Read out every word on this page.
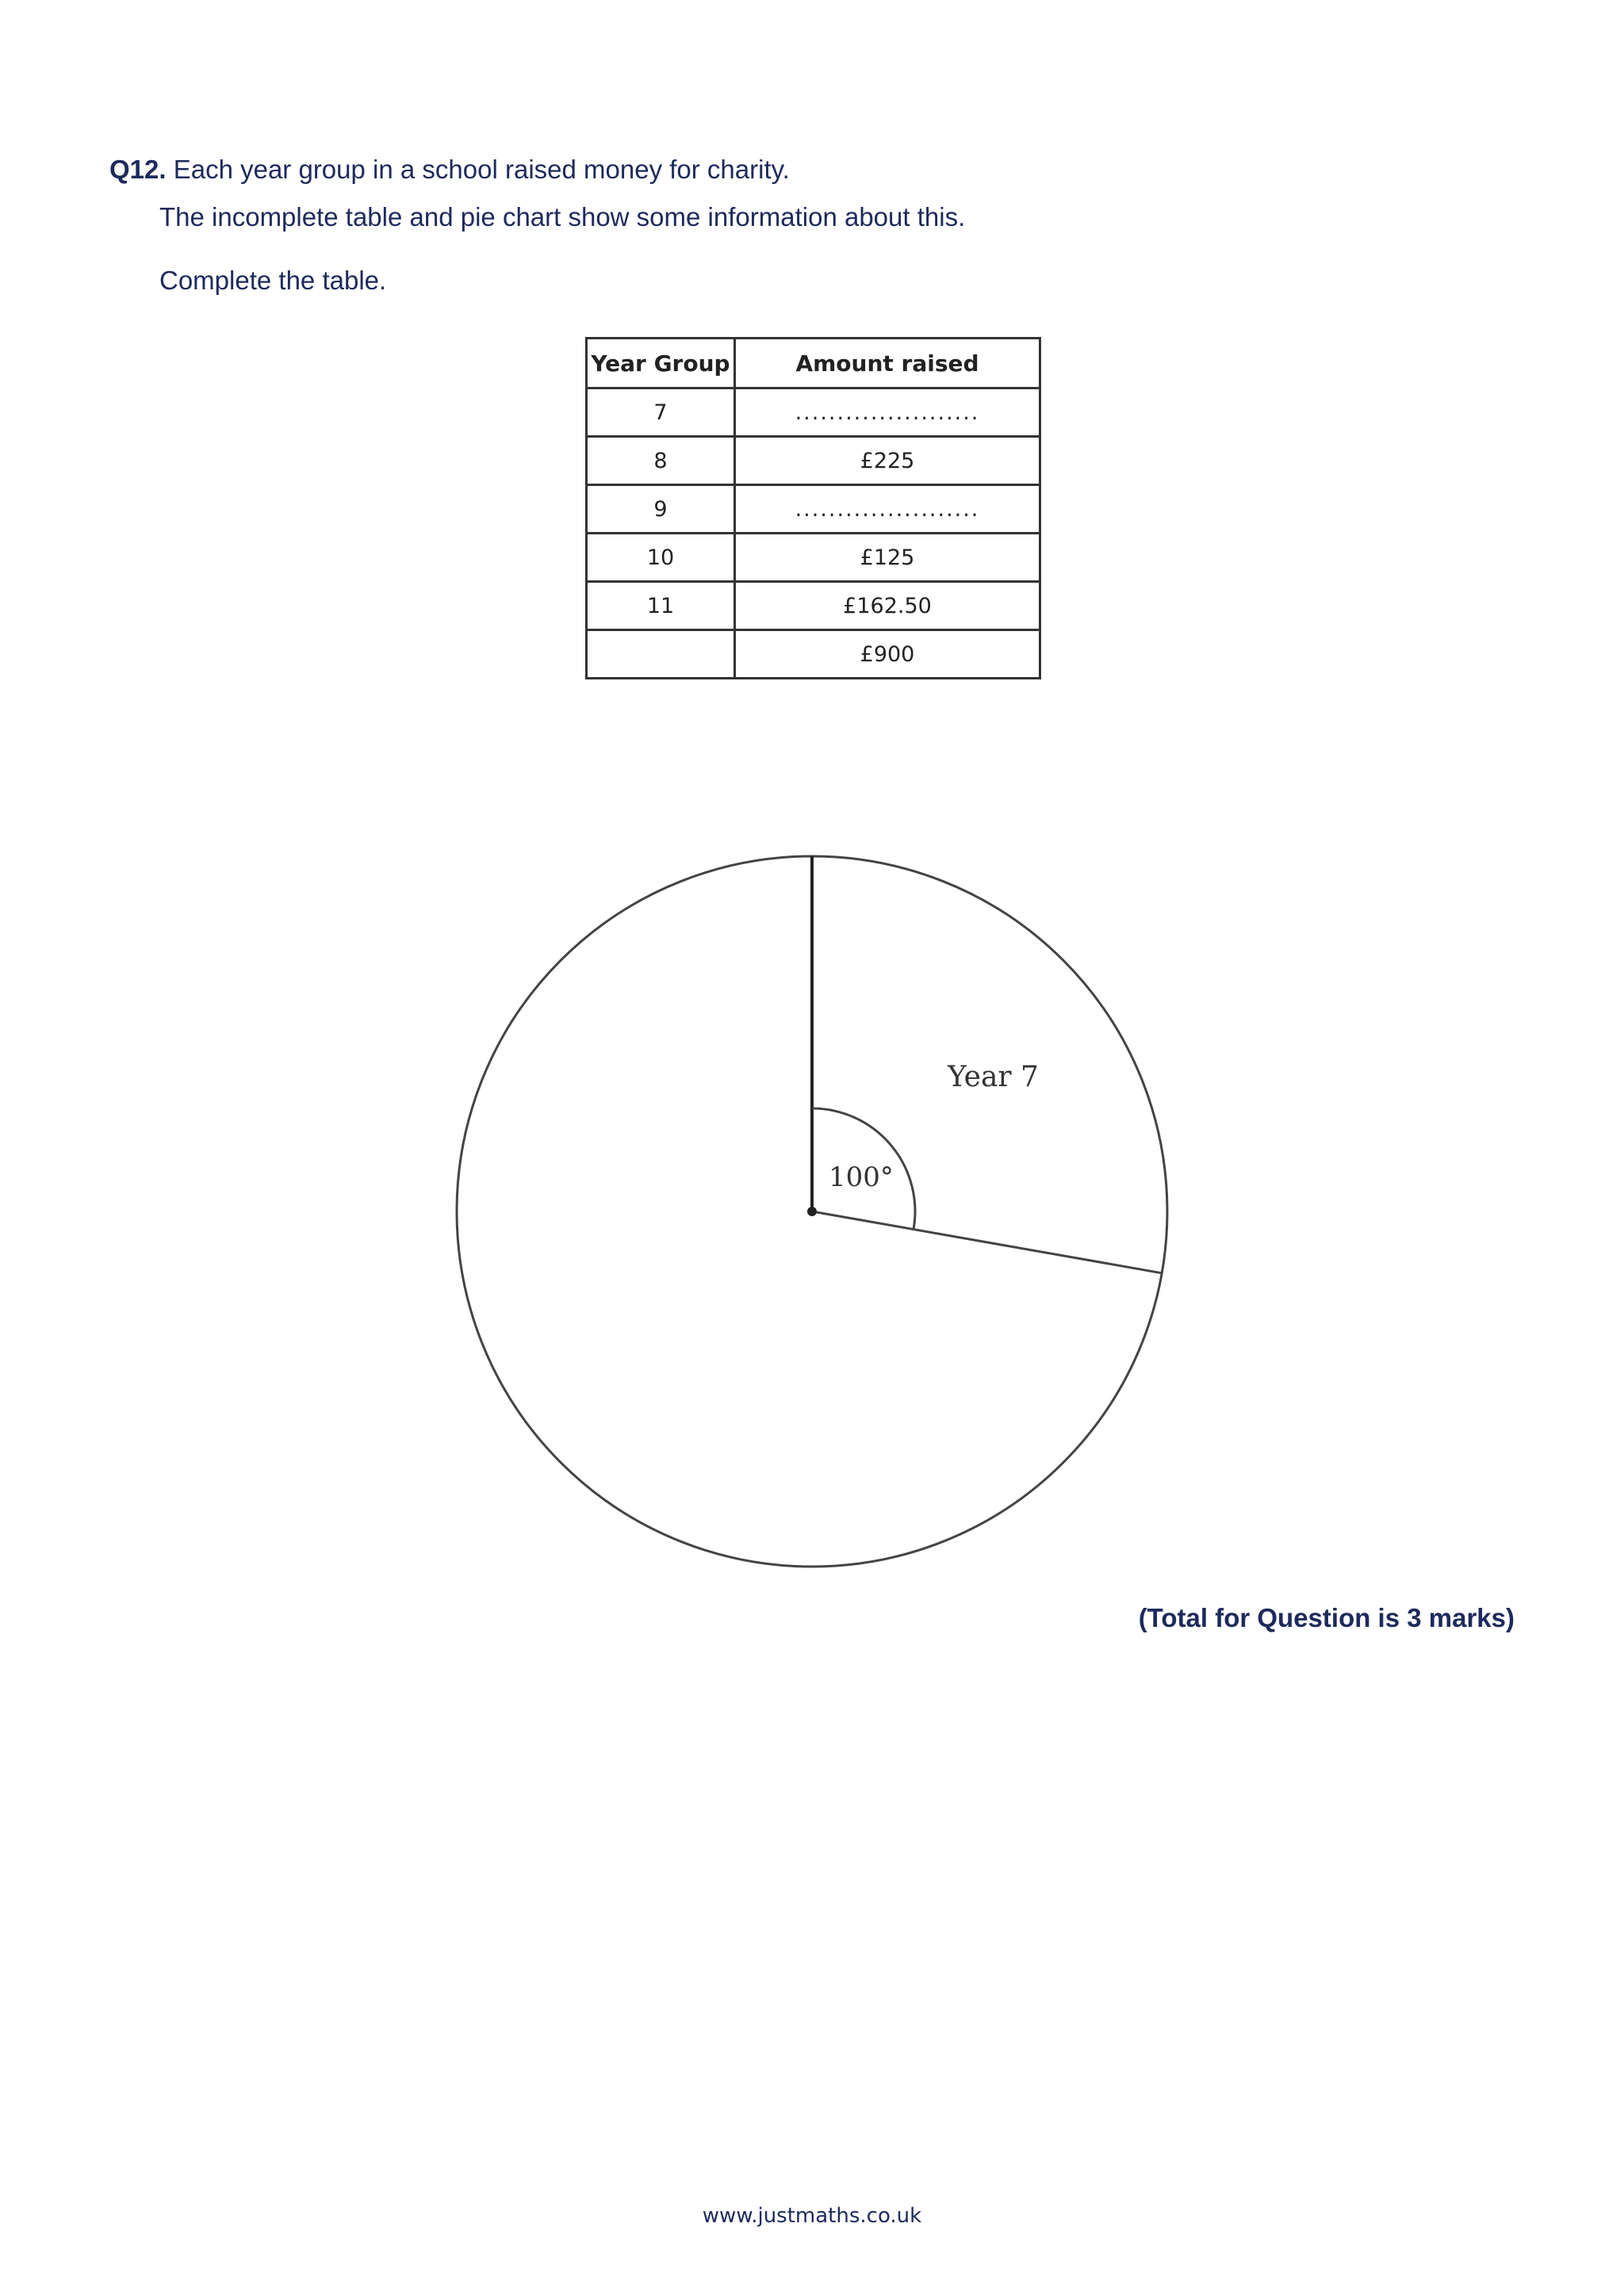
Q12. Each year group in a school raised money for charity.
The incomplete table and pie chart show some information about this.
Complete the table.
Year Group	Amount raised
7	......................
8	£225
9	......................
10	£125
11	£162.50
	£900
Year 7
100°
(Total for Question is 3 marks)
www.justmaths.co.uk
